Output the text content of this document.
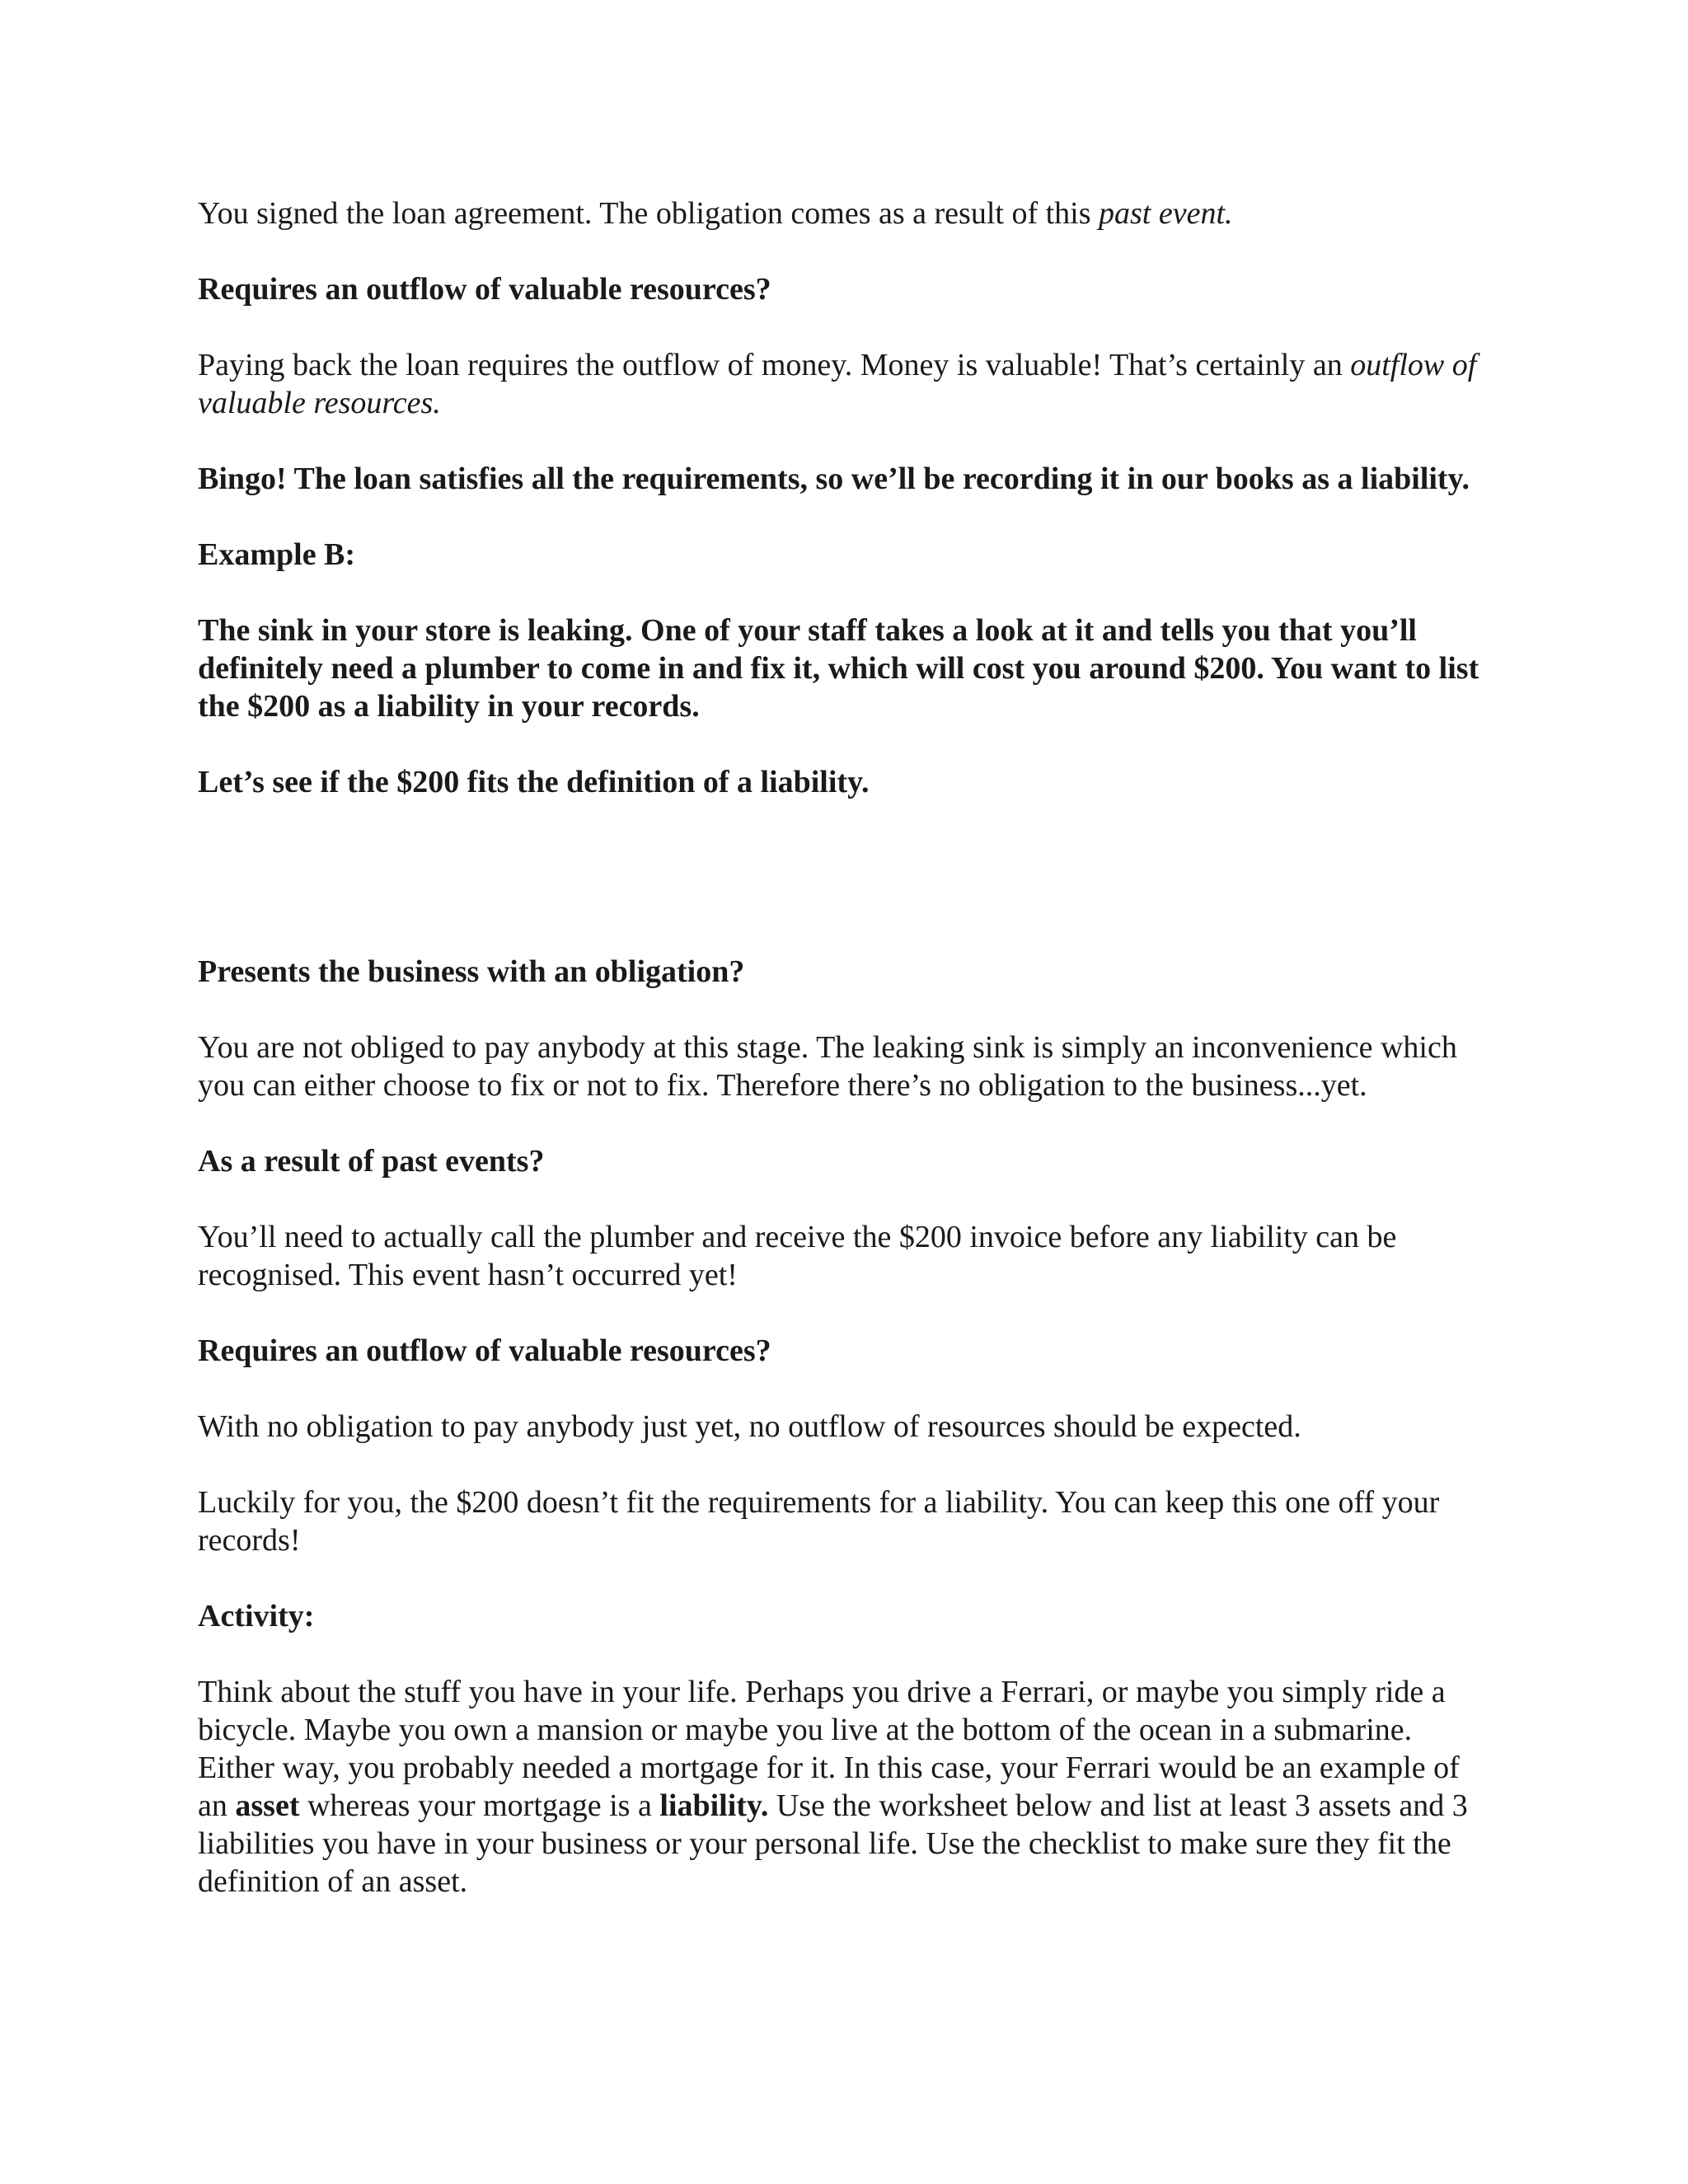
You signed the loan agreement. The obligation comes as a result of this past event.

Requires an outflow of valuable resources?

Paying back the loan requires the outflow of money. Money is valuable! That’s certainly an outflow of valuable resources.

Bingo! The loan satisfies all the requirements, so we’ll be recording it in our books as a liability.

Example B:

The sink in your store is leaking. One of your staff takes a look at it and tells you that you’ll definitely need a plumber to come in and fix it, which will cost you around $200. You want to list the $200 as a liability in your records.

Let’s see if the $200 fits the definition of a liability.

Presents the business with an obligation?

You are not obliged to pay anybody at this stage. The leaking sink is simply an inconvenience which you can either choose to fix or not to fix. Therefore there’s no obligation to the business...yet.

As a result of past events?

You’ll need to actually call the plumber and receive the $200 invoice before any liability can be recognised. This event hasn’t occurred yet!

Requires an outflow of valuable resources?

With no obligation to pay anybody just yet, no outflow of resources should be expected.

Luckily for you, the $200 doesn’t fit the requirements for a liability. You can keep this one off your records!

Activity:

Think about the stuff you have in your life. Perhaps you drive a Ferrari, or maybe you simply ride a bicycle. Maybe you own a mansion or maybe you live at the bottom of the ocean in a submarine. Either way, you probably needed a mortgage for it. In this case, your Ferrari would be an example of an asset whereas your mortgage is a liability. Use the worksheet below and list at least 3 assets and 3 liabilities you have in your business or your personal life. Use the checklist to make sure they fit the definition of an asset.
